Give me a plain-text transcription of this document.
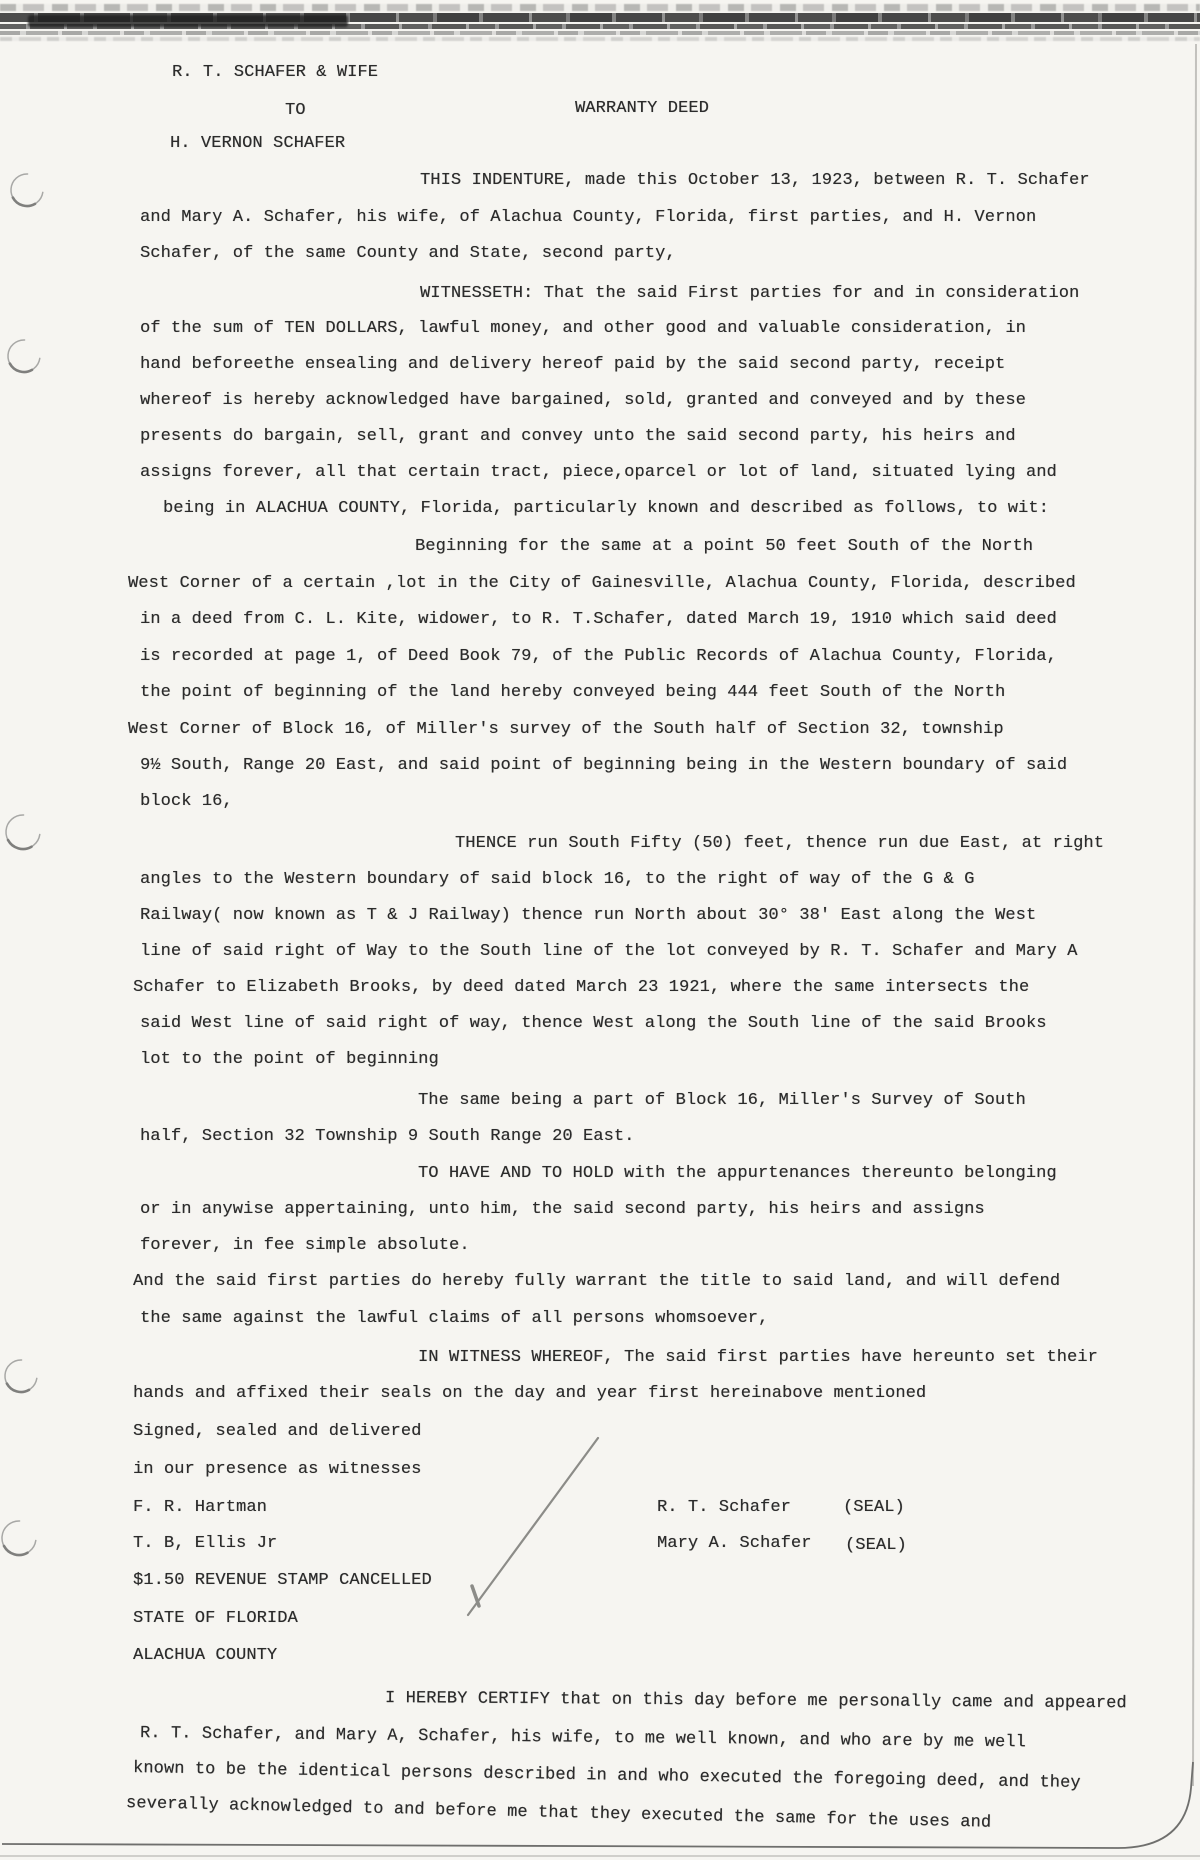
R. T. SCHAFER & WIFE
TO	WARRANTY DEED
H. VERNON SCHAFER
THIS INDENTURE, made this October 13, 1923, between R. T. Schafer
and Mary A. Schafer, his wife, of Alachua County, Florida, first parties, and H. Vernon
Schafer, of the same County and State, second party,
WITNESSETH: That the said First parties for and in consideration
of the sum of TEN DOLLARS, lawful money, and other good and valuable consideration, in
hand beforeethe ensealing and delivery hereof paid by the said second party, receipt
whereof is hereby acknowledged have bargained, sold, granted and conveyed and by these
presents do bargain, sell, grant and convey unto the said second party, his heirs and
assigns forever, all that certain tract, piece,oparcel or lot of land, situated lying and
being in ALACHUA COUNTY, Florida, particularly known and described as follows, to wit:
Beginning for the same at a point 50 feet South of the North
West Corner of a certain ,lot in the City of Gainesville, Alachua County, Florida, described
in a deed from C. L. Kite, widower, to R. T.Schafer, dated March 19, 1910 which said deed
is recorded at page 1, of Deed Book 79, of the Public Records of Alachua County, Florida,
the point of beginning of the land hereby conveyed being 444 feet South of the North
West Corner of Block 16, of Miller's survey of the South half of Section 32, township
9½ South, Range 20 East, and said point of beginning being in the Western boundary of said
block 16,
THENCE run South Fifty (50) feet, thence run due East, at right
angles to the Western boundary of said block 16, to the right of way of the G & G
Railway( now known as T & J Railway) thence run North about 30° 38' East along the West
line of said right of Way to the South line of the lot conveyed by R. T. Schafer and Mary A
Schafer to Elizabeth Brooks, by deed dated March 23 1921, where the same intersects the
said West line of said right of way, thence West along the South line of the said Brooks
lot to the point of beginning
The same being a part of Block 16, Miller's Survey of South
half, Section 32 Township 9 South Range 20 East.
TO HAVE AND TO HOLD with the appurtenances thereunto belonging
or in anywise appertaining, unto him, the said second party, his heirs and assigns
forever, in fee simple absolute.
And the said first parties do hereby fully warrant the title to said land, and will defend
the same against the lawful claims of all persons whomsoever,
IN WITNESS WHEREOF, The said first parties have hereunto set their
hands and affixed their seals on the day and year first hereinabove mentioned
Signed, sealed and delivered
in our presence as witnesses
F. R. Hartman	R. T. Schafer	(SEAL)
T. B, Ellis Jr	Mary A. Schafer (SEAL)
$1.50 REVENUE STAMP CANCELLED
STATE OF FLORIDA
ALACHUA COUNTY
I HEREBY CERTIFY that on this day before me personally came and appeared
R. T. Schafer, and Mary A, Schafer, his wife, to me well known, and who are by me well
known to be the identical persons described in and who executed the foregoing deed, and they
severally acknowledged to and before me that they executed the same for the uses and
